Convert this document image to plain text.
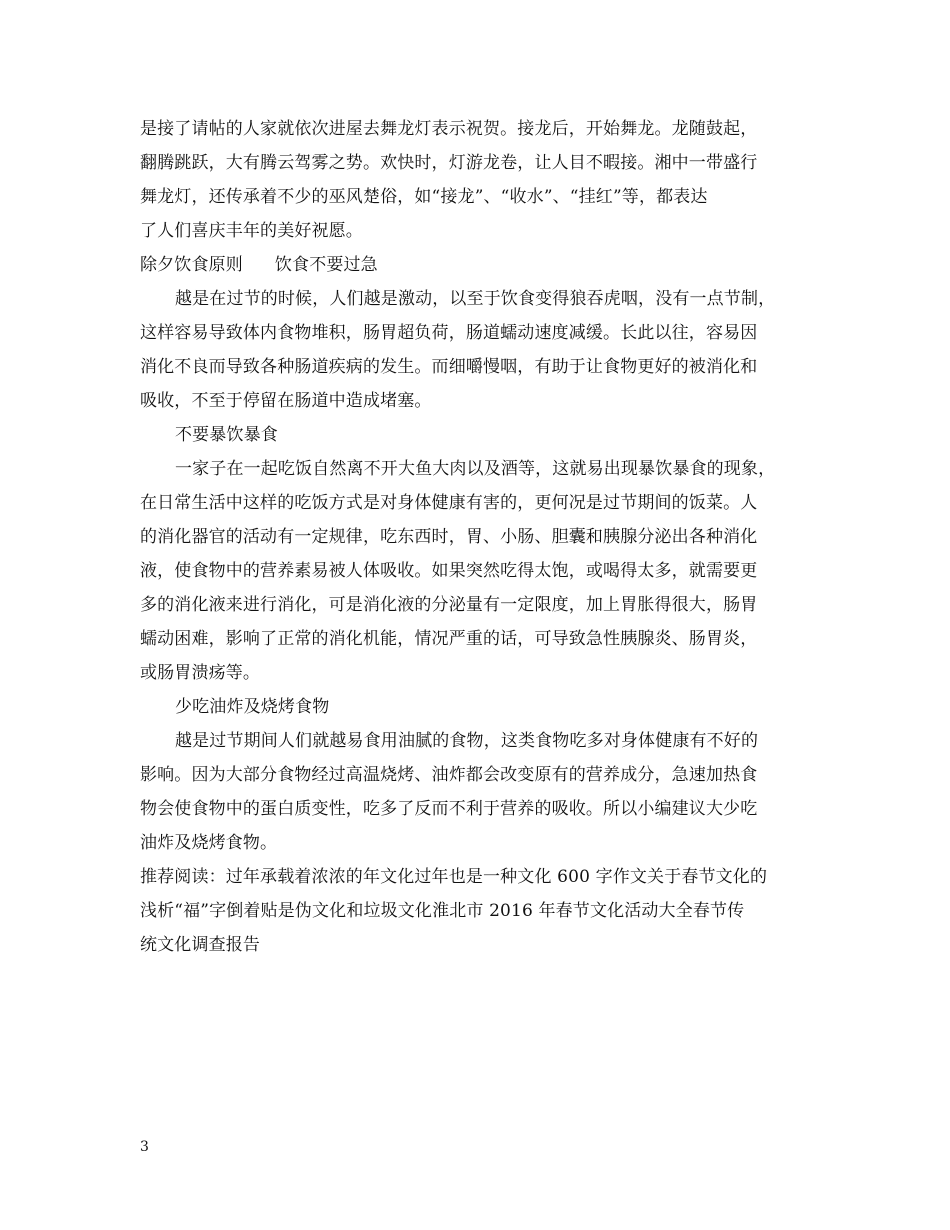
是接了请帖的人家就依次进屋去舞龙灯表示祝贺。接龙后，开始舞龙。龙随鼓起，
翻腾跳跃，大有腾云驾雾之势。欢快时，灯游龙卷，让人目不暇接。湘中一带盛行
舞龙灯，还传承着不少的巫风楚俗，如“接龙”、“收水”、“挂红”等，都表达
了人们喜庆丰年的美好祝愿。
除夕饮食原则 饮食不要过急
越是在过节的时候，人们越是激动，以至于饮食变得狼吞虎咽，没有一点节制，
这样容易导致体内食物堆积，肠胃超负荷，肠道蠕动速度减缓。长此以往，容易因
消化不良而导致各种肠道疾病的发生。而细嚼慢咽，有助于让食物更好的被消化和
吸收，不至于停留在肠道中造成堵塞。
不要暴饮暴食
一家子在一起吃饭自然离不开大鱼大肉以及酒等，这就易出现暴饮暴食的现象，
在日常生活中这样的吃饭方式是对身体健康有害的，更何况是过节期间的饭菜。人
的消化器官的活动有一定规律，吃东西时，胃、小肠、胆囊和胰腺分泌出各种消化
液，使食物中的营养素易被人体吸收。如果突然吃得太饱，或喝得太多，就需要更
多的消化液来进行消化，可是消化液的分泌量有一定限度，加上胃胀得很大，肠胃
蠕动困难，影响了正常的消化机能，情况严重的话，可导致急性胰腺炎、肠胃炎，
或肠胃溃疡等。
少吃油炸及烧烤食物
越是过节期间人们就越易食用油腻的食物，这类食物吃多对身体健康有不好的
影响。因为大部分食物经过高温烧烤、油炸都会改变原有的营养成分，急速加热食
物会使食物中的蛋白质变性，吃多了反而不利于营养的吸收。所以小编建议大少吃
油炸及烧烤食物。
推荐阅读：过年承载着浓浓的年文化过年也是一种文化 600 字作文关于春节文化的
浅析“福”字倒着贴是伪文化和垃圾文化淮北市 2016 年春节文化活动大全春节传
统文化调查报告
3
